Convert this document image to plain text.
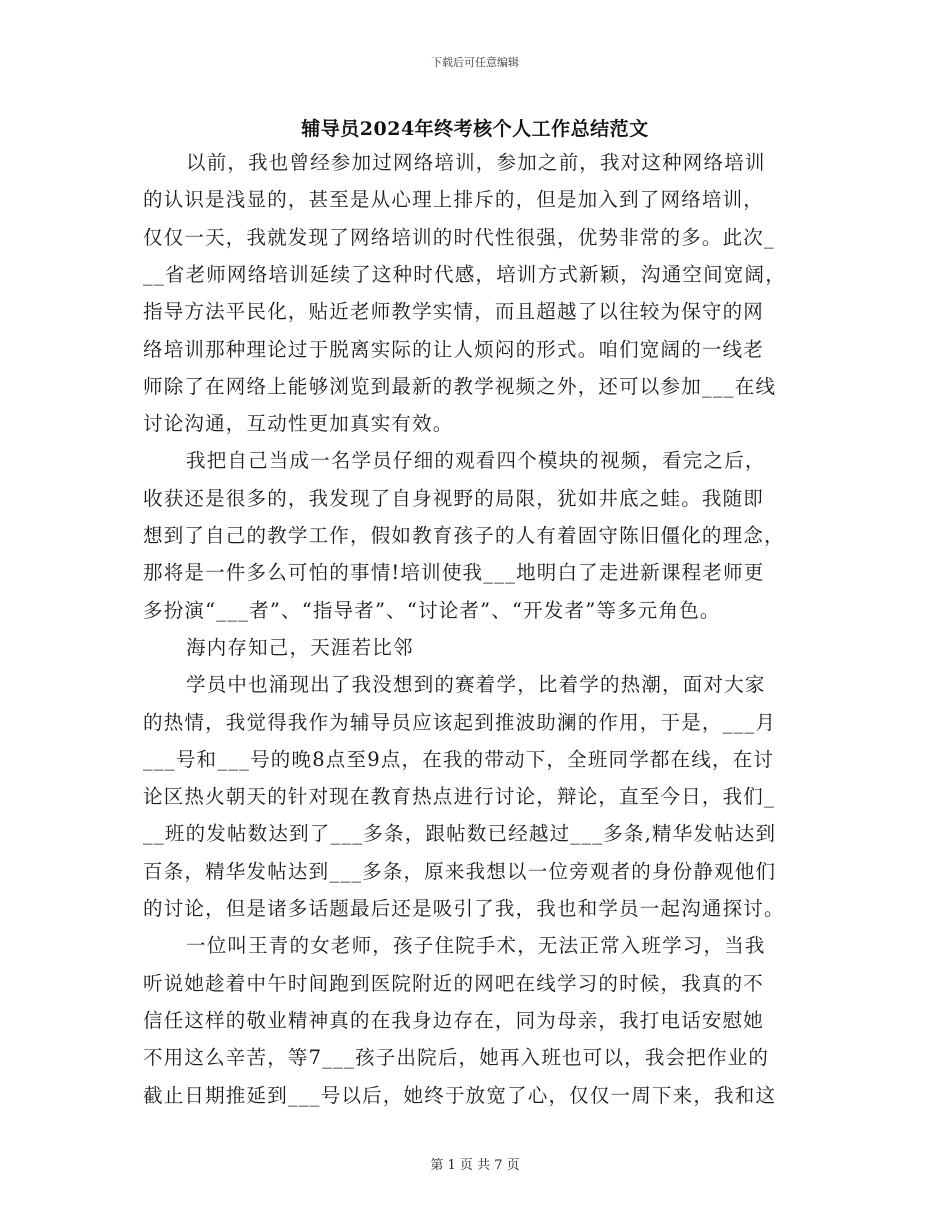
下载后可任意编辑
辅导员2024年终考核个人工作总结范文
以前，我也曾经参加过网络培训，参加之前，我对这种网络培训
的认识是浅显的，甚至是从心理上排斥的，但是加入到了网络培训，
仅仅一天，我就发现了网络培训的时代性很强，优势非常的多。此次_
__省老师网络培训延续了这种时代感，培训方式新颖，沟通空间宽阔，
指导方法平民化，贴近老师教学实情，而且超越了以往较为保守的网
络培训那种理论过于脱离实际的让人烦闷的形式。咱们宽阔的一线老
师除了在网络上能够浏览到最新的教学视频之外，还可以参加___在线
讨论沟通，互动性更加真实有效。
我把自己当成一名学员仔细的观看四个模块的视频，看完之后，
收获还是很多的，我发现了自身视野的局限，犹如井底之蛙。我随即
想到了自己的教学工作，假如教育孩子的人有着固守陈旧僵化的理念，
那将是一件多么可怕的事情!培训使我___地明白了走进新课程老师更
多扮演“___者”、“指导者”、“讨论者”、“开发者”等多元角色。
海内存知己，天涯若比邻
学员中也涌现出了我没想到的赛着学，比着学的热潮，面对大家
的热情，我觉得我作为辅导员应该起到推波助澜的作用，于是，___月
___号和___号的晚8点至9点，在我的带动下，全班同学都在线，在讨
论区热火朝天的针对现在教育热点进行讨论，辩论，直至今日，我们_
__班的发帖数达到了___多条，跟帖数已经越过___多条,精华发帖达到
百条，精华发帖达到___多条，原来我想以一位旁观者的身份静观他们
的讨论，但是诸多话题最后还是吸引了我，我也和学员一起沟通探讨。
一位叫王青的女老师，孩子住院手术，无法正常入班学习，当我
听说她趁着中午时间跑到医院附近的网吧在线学习的时候，我真的不
信任这样的敬业精神真的在我身边存在，同为母亲，我打电话安慰她
不用这么辛苦，等7___孩子出院后，她再入班也可以，我会把作业的
截止日期推延到___号以后，她终于放宽了心，仅仅一周下来，我和这
第 1 页 共 7 页
